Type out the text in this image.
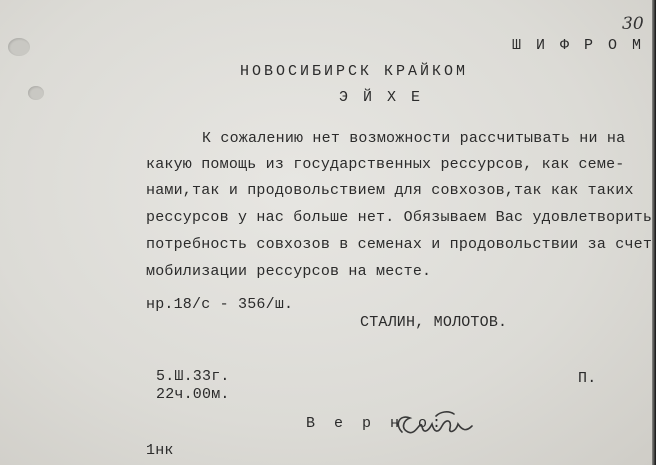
30
Ш И Ф Р О М
НОВОСИБИРСК КРАЙКОМ
Э Й Х Е
К сожалению нет возможности рассчитывать ни на
какую помощь из государственных рессурсов, как семе-
нами,так и продовольствием для совхозов,так как таких
рессурсов у нас больше нет. Обязываем Вас удовлетворить
потребность совхозов в семенах и продовольствии за счет
мобилизации рессурсов на месте.
нр.18/с - 356/ш.
СТАЛИН, МОЛОТОВ.
5.Ш.33г.
22ч.00м.
П.
В е р н о:
1нк
